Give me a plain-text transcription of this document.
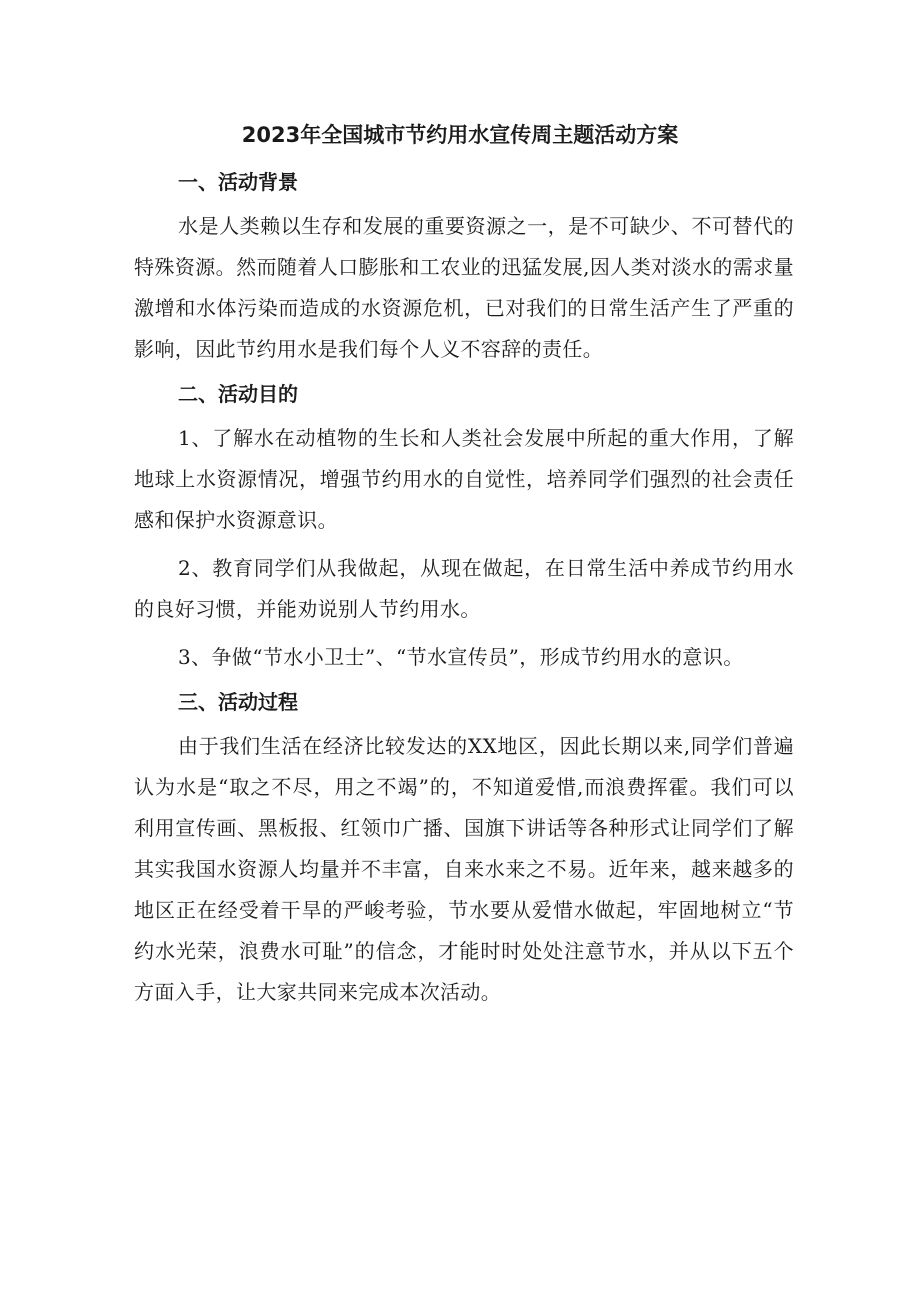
2023年全国城市节约用水宣传周主题活动方案
一、活动背景

水是人类赖以生存和发展的重要资源之一，是不可缺少、不可替代的特殊资源。然而随着人口膨胀和工农业的迅猛发展,因人类对淡水的需求量激增和水体污染而造成的水资源危机，已对我们的日常生活产生了严重的影响，因此节约用水是我们每个人义不容辞的责任。

二、活动目的

1、了解水在动植物的生长和人类社会发展中所起的重大作用，了解地球上水资源情况，增强节约用水的自觉性，培养同学们强烈的社会责任感和保护水资源意识。

2、教育同学们从我做起，从现在做起，在日常生活中养成节约用水的良好习惯，并能劝说别人节约用水。

3、争做“节水小卫士”、“节水宣传员”，形成节约用水的意识。

三、活动过程

由于我们生活在经济比较发达的XX地区，因此长期以来,同学们普遍认为水是“取之不尽，用之不竭”的，不知道爱惜,而浪费挥霍。我们可以利用宣传画、黑板报、红领巾广播、国旗下讲话等各种形式让同学们了解其实我国水资源人均量并不丰富，自来水来之不易。近年来，越来越多的地区正在经受着干旱的严峻考验，节水要从爱惜水做起，牢固地树立“节约水光荣，浪费水可耻”的信念，才能时时处处注意节水，并从以下五个方面入手，让大家共同来完成本次活动。
